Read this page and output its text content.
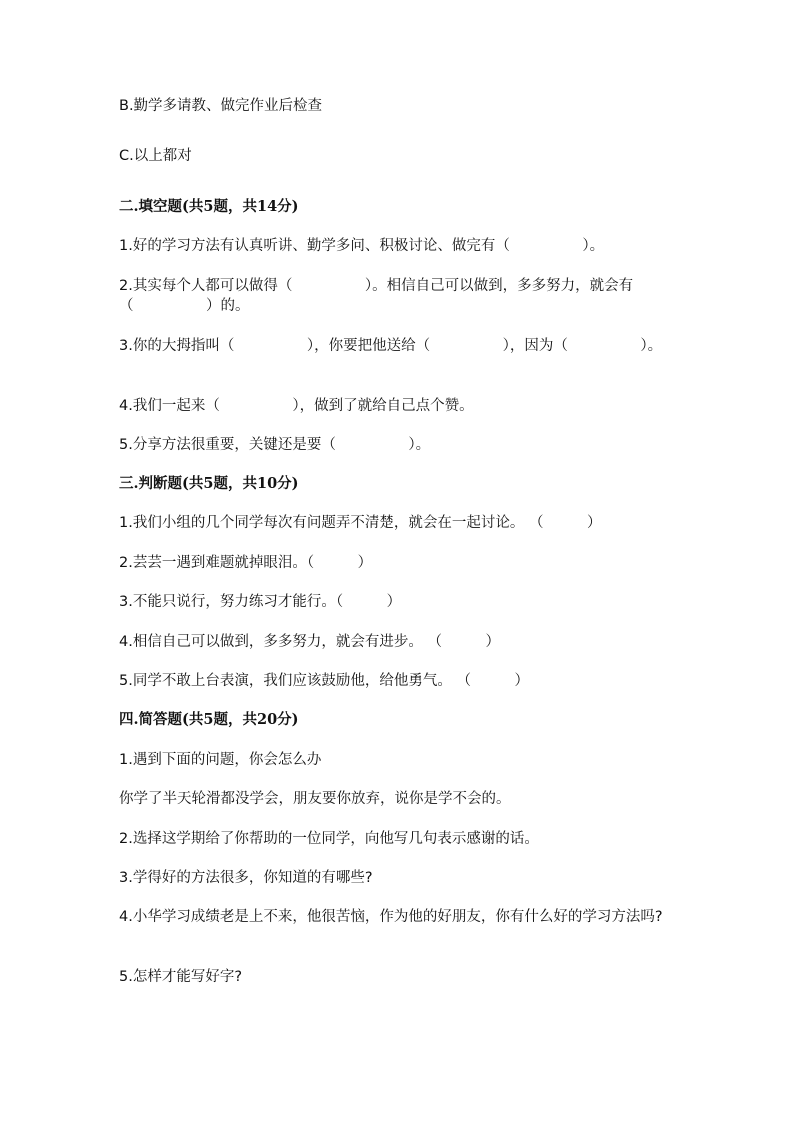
B.勤学多请教、做完作业后检查
C.以上都对
二.填空题(共5题，共14分)
1.好的学习方法有认真听讲、勤学多问、积极讨论、做完有（　　　　　）。
2.其实每个人都可以做得（　　　　　）。相信自己可以做到，多多努力，就会有（　　　　　）的。
3.你的大拇指叫（　　　　　），你要把他送给（　　　　　），因为（　　　　　）。
4.我们一起来（　　　　　），做到了就给自己点个赞。
5.分享方法很重要，关键还是要（　　　　　）。
三.判断题(共5题，共10分)
1.我们小组的几个同学每次有问题弄不清楚，就会在一起讨论。 （　　　）
2.芸芸一遇到难题就掉眼泪。（　　　）
3.不能只说行，努力练习才能行。（　　　）
4.相信自己可以做到，多多努力，就会有进步。 （　　　）
5.同学不敢上台表演，我们应该鼓励他，给他勇气。 （　　　）
四.简答题(共5题，共20分)
1.遇到下面的问题，你会怎么办
你学了半天轮滑都没学会，朋友要你放弃，说你是学不会的。
2.选择这学期给了你帮助的一位同学，向他写几句表示感谢的话。
3.学得好的方法很多，你知道的有哪些?
4.小华学习成绩老是上不来，他很苦恼，作为他的好朋友，你有什么好的学习方法吗?
5.怎样才能写好字?
